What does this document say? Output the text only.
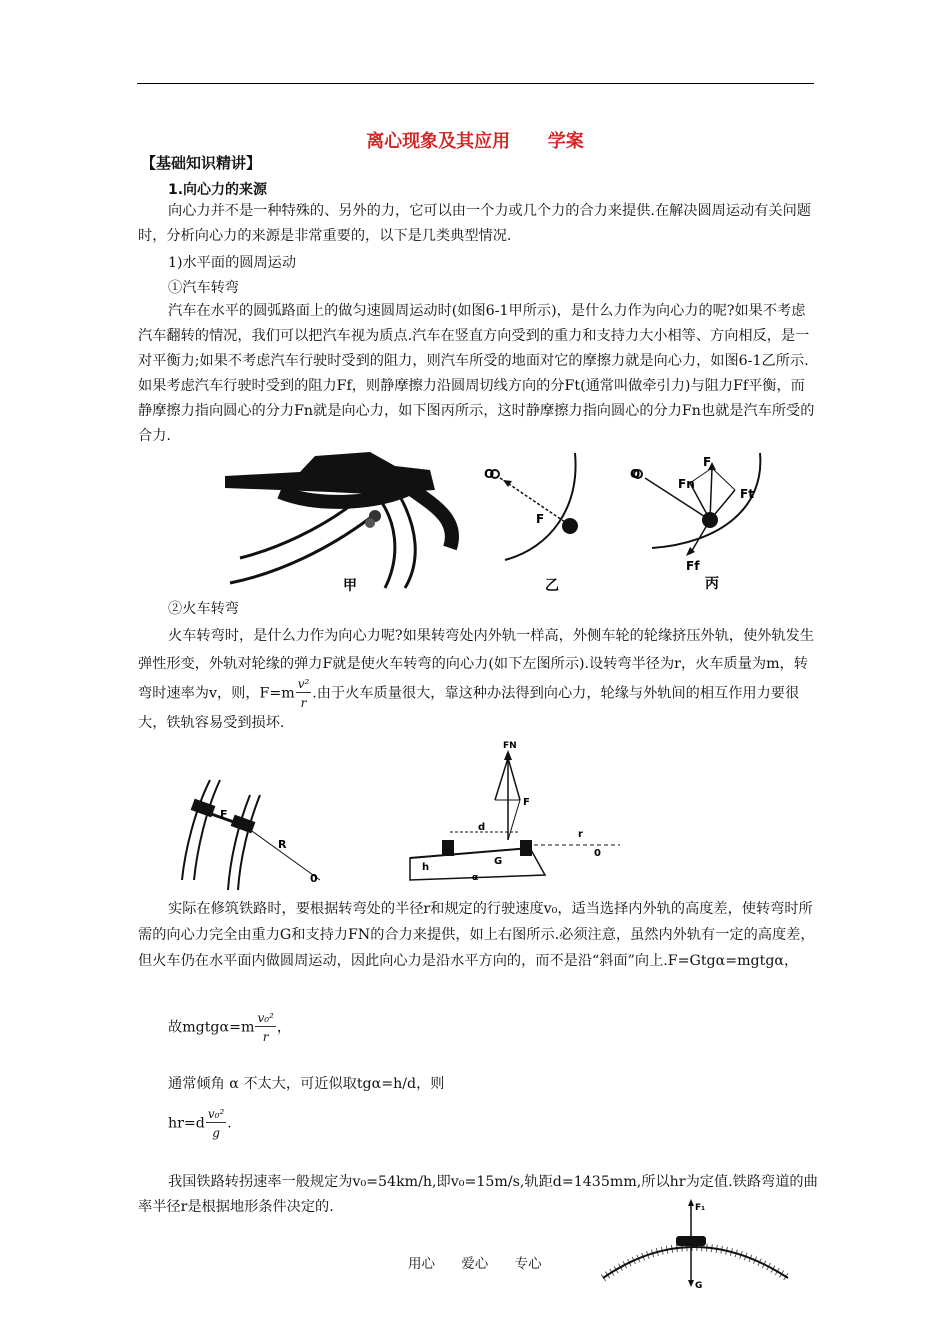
离心现象及其应用 学案
【基础知识精讲】
1.向心力的来源
向心力并不是一种特殊的、另外的力，它可以由一个力或几个力的合力来提供.在解决圆周运动有关问题时，分析向心力的来源是非常重要的，以下是几类典型情况.
1)水平面的圆周运动
①汽车转弯
汽车在水平的圆弧路面上的做匀速圆周运动时(如图6-1甲所示)，是什么力作为向心力的呢?如果不考虑汽车翻转的情况，我们可以把汽车视为质点.汽车在竖直方向受到的重力和支持力大小相等、方向相反，是一对平衡力;如果不考虑汽车行驶时受到的阻力，则汽车所受的地面对它的摩擦力就是向心力，如图6-1乙所示.如果考虑汽车行驶时受到的阻力Ff，则静摩擦力沿圆周切线方向的分Ft(通常叫做牵引力)与阻力Ff平衡，而静摩擦力指向圆心的分力Fn就是向心力，如下图丙所示，这时静摩擦力指向圆心的分力Fn也就是汽车所受的合力.
甲
O
F
乙
O
F
Fn
Ft
Ff
丙
②火车转弯
火车转弯时，是什么力作为向心力呢?如果转弯处内外轨一样高，外侧车轮的轮缘挤压外轨，使外轨发生弹性形变，外轨对轮缘的弹力F就是使火车转弯的向心力(如下左图所示).设转弯半径为r，火车质量为m，转弯时速率为v，则，$F=m \frac{\text{v²}}{r}$ .由于火车质量很大，靠这种办法得到向心力，轮缘与外轨间的相互作用力要很大，铁轨容易受到损坏.
F
R
0
FN
F
d
r
0
G
h
α
实际在修筑铁路时，要根据转弯处的半径r和规定的行驶速度v₀，适当选择内外轨的高度差，使转弯时所需的向心力完全由重力G和支持力FN的合力来提供，如上右图所示.必须注意，虽然内外轨有一定的高度差，但火车仍在水平面内做圆周运动，因此向心力是沿水平方向的，而不是沿“斜面”向上.F=Gtgα=mgtgα，
故mgtgα=m $\frac{\text{v₀²}}{r}$ ，
通常倾角 α 不太大，可近似取tgα=h/d，则
$hr=d \frac{\text{v₀²}}{g}$ .
我国铁路转拐速率一般规定为v₀=54km/h,即v₀=15m/s,轨距d=1435mm,所以hr为定值.铁路弯道的曲率半径r是根据地形条件决定的.	F₁
G
用心 爱心 专心
